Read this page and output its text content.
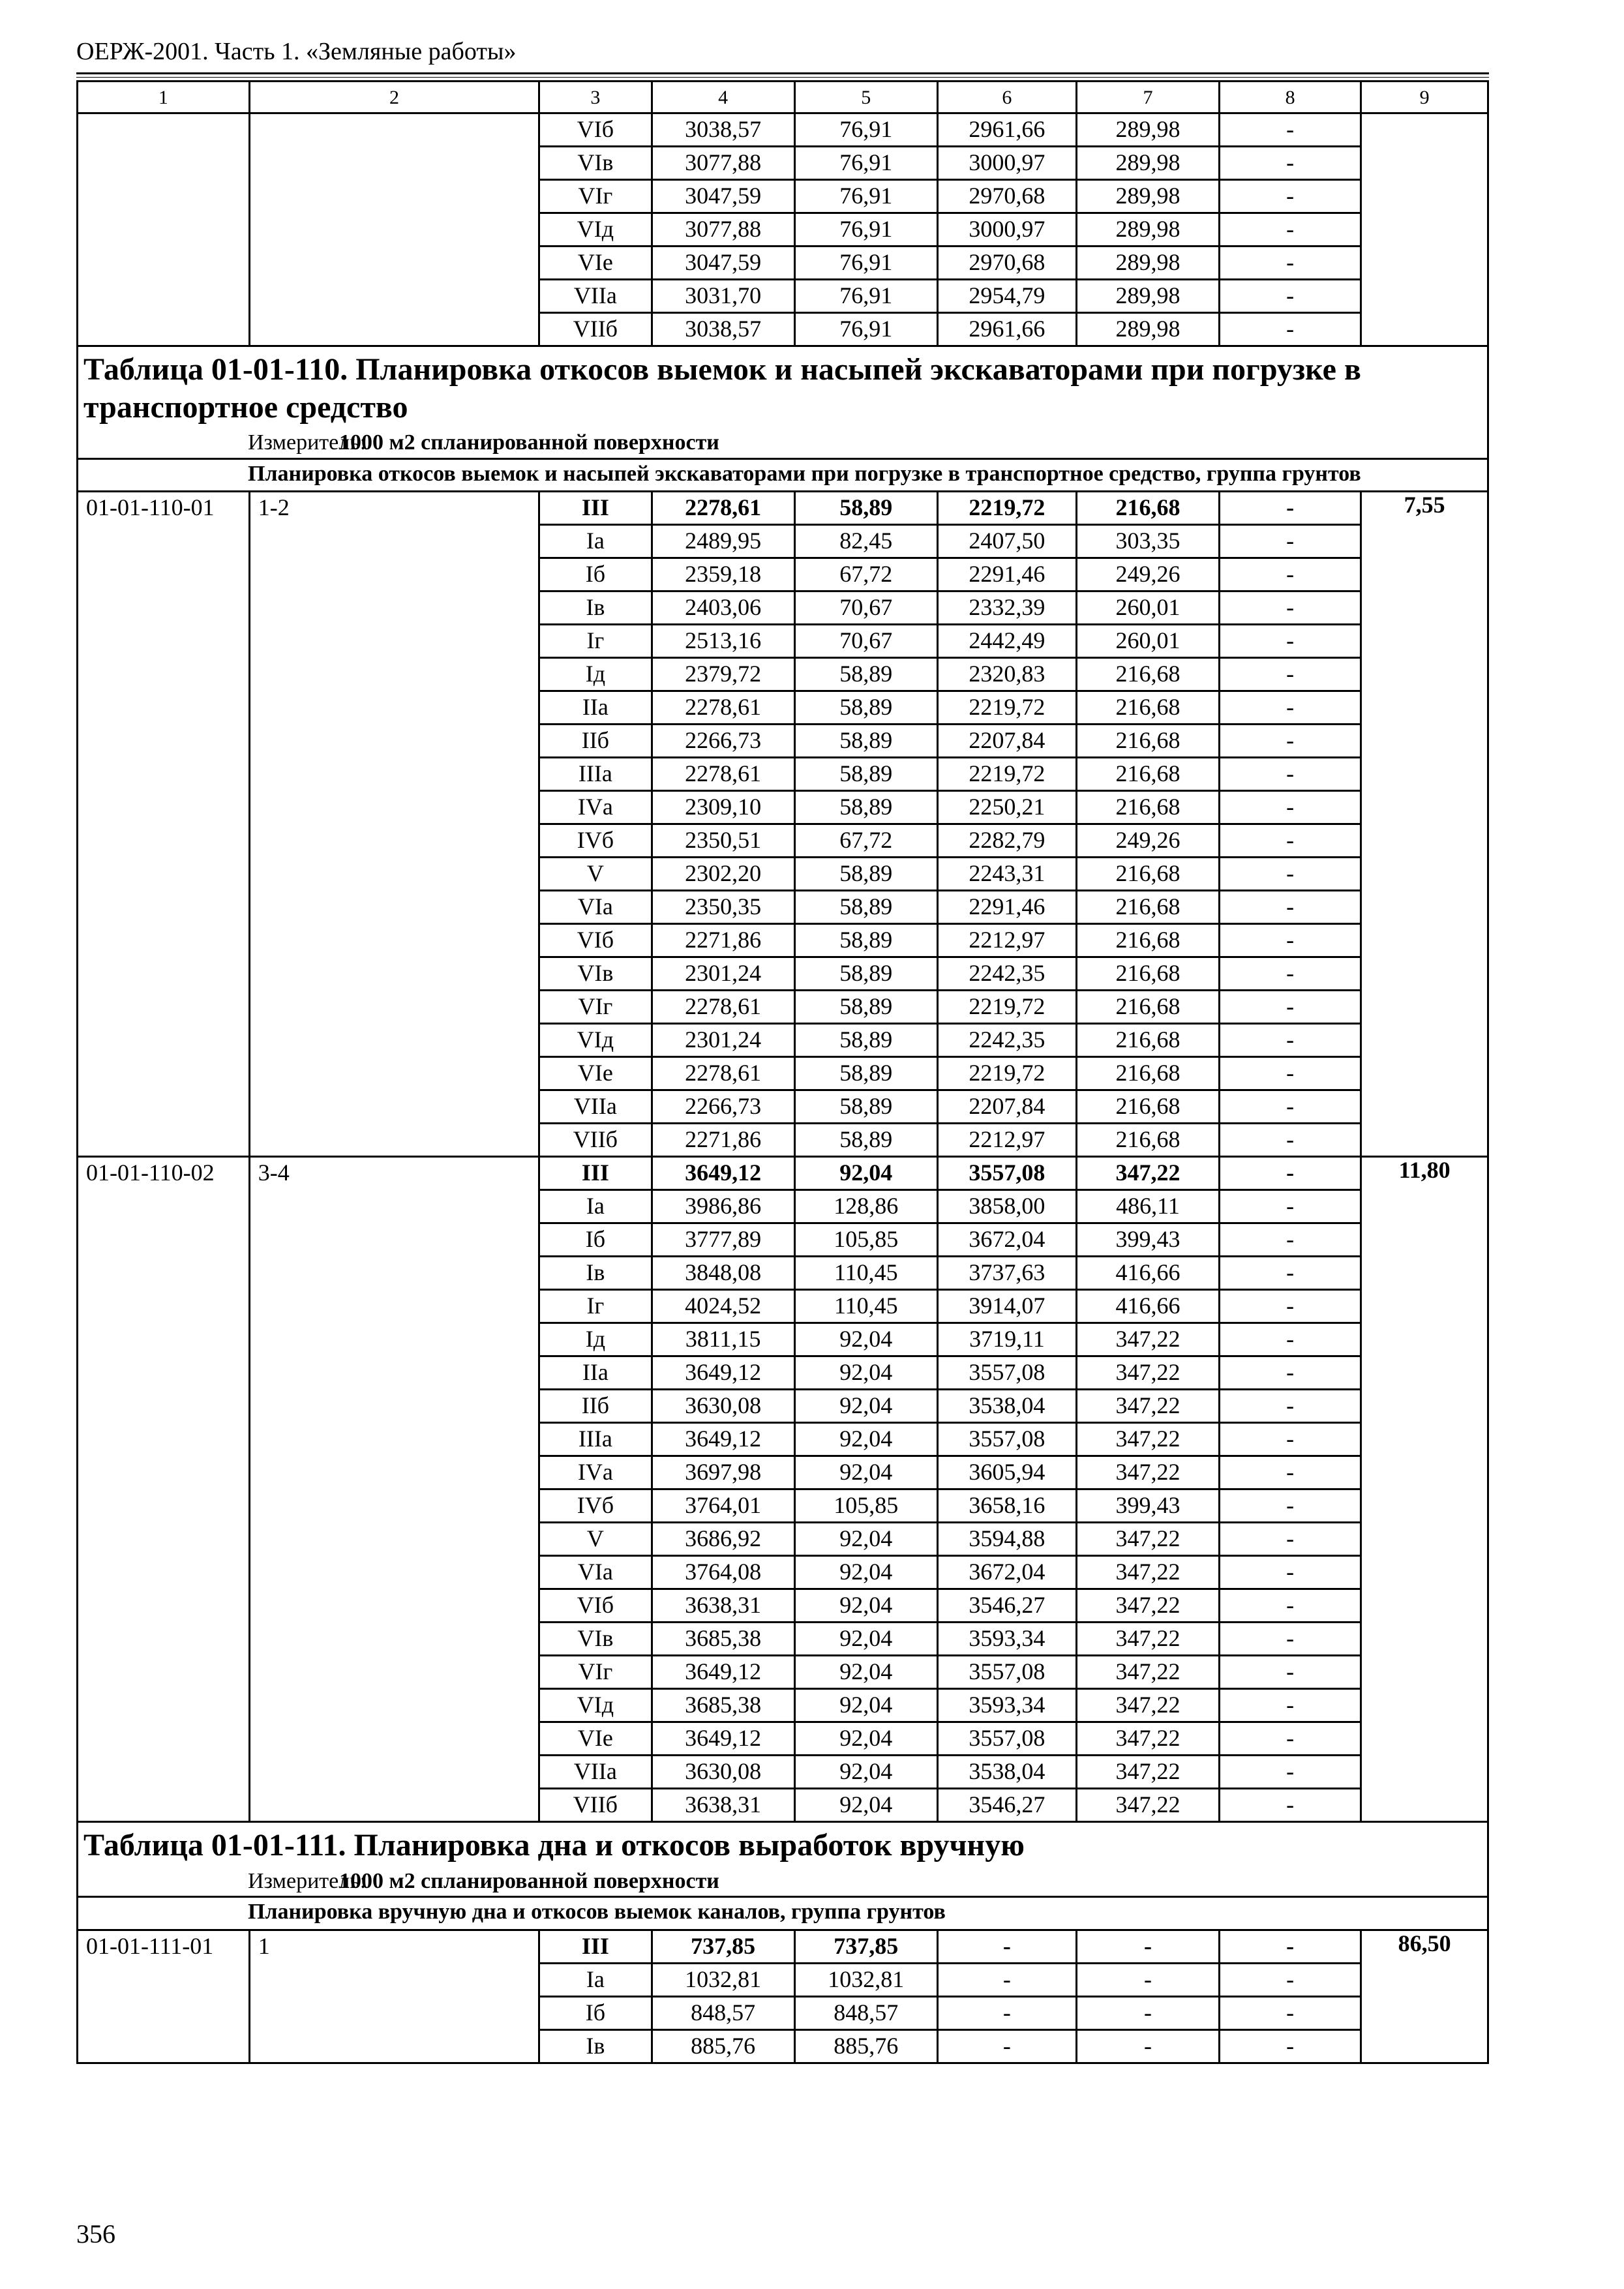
ОЕРЖ-2001. Часть 1. «Земляные работы»
1	2	3	4	5	6	7	8	9
		VIб	3038,57	76,91	2961,66	289,98	-	
		VIв	3077,88	76,91	3000,97	289,98	-	
		VIг	3047,59	76,91	2970,68	289,98	-	
		VIд	3077,88	76,91	3000,97	289,98	-	
		VIе	3047,59	76,91	2970,68	289,98	-	
		VIIа	3031,70	76,91	2954,79	289,98	-	
		VIIб	3038,57	76,91	2961,66	289,98	-	
Таблица 01-01-110. Планировка откосов выемок и насыпей экскаваторами при погрузке в транспортное средство
Измеритель:
1000 м2 спланированной поверхности								

Планировка откосов выемок и насыпей экскаваторами при погрузке в транспортное средство, группа грунтов								

01-01-110-01	1-2	III	2278,61	58,89	2219,72	216,68	-	7,55
		Iа	2489,95	82,45	2407,50	303,35	-	
		Iб	2359,18	67,72	2291,46	249,26	-	
		Iв	2403,06	70,67	2332,39	260,01	-	
		Iг	2513,16	70,67	2442,49	260,01	-	
		Iд	2379,72	58,89	2320,83	216,68	-	
		IIа	2278,61	58,89	2219,72	216,68	-	
		IIб	2266,73	58,89	2207,84	216,68	-	
		IIIа	2278,61	58,89	2219,72	216,68	-	
		IVа	2309,10	58,89	2250,21	216,68	-	
		IVб	2350,51	67,72	2282,79	249,26	-	
		V	2302,20	58,89	2243,31	216,68	-	
		VIа	2350,35	58,89	2291,46	216,68	-	
		VIб	2271,86	58,89	2212,97	216,68	-	
		VIв	2301,24	58,89	2242,35	216,68	-	
		VIг	2278,61	58,89	2219,72	216,68	-	
		VIд	2301,24	58,89	2242,35	216,68	-	
		VIе	2278,61	58,89	2219,72	216,68	-	
		VIIа	2266,73	58,89	2207,84	216,68	-	
		VIIб	2271,86	58,89	2212,97	216,68	-	
01-01-110-02	3-4	III	3649,12	92,04	3557,08	347,22	-	11,80
		Iа	3986,86	128,86	3858,00	486,11	-	
		Iб	3777,89	105,85	3672,04	399,43	-	
		Iв	3848,08	110,45	3737,63	416,66	-	
		Iг	4024,52	110,45	3914,07	416,66	-	
		Iд	3811,15	92,04	3719,11	347,22	-	
		IIа	3649,12	92,04	3557,08	347,22	-	
		IIб	3630,08	92,04	3538,04	347,22	-	
		IIIа	3649,12	92,04	3557,08	347,22	-	
		IVа	3697,98	92,04	3605,94	347,22	-	
		IVб	3764,01	105,85	3658,16	399,43	-	
		V	3686,92	92,04	3594,88	347,22	-	
		VIа	3764,08	92,04	3672,04	347,22	-	
		VIб	3638,31	92,04	3546,27	347,22	-	
		VIв	3685,38	92,04	3593,34	347,22	-	
		VIг	3649,12	92,04	3557,08	347,22	-	
		VIд	3685,38	92,04	3593,34	347,22	-	
		VIе	3649,12	92,04	3557,08	347,22	-	
		VIIа	3630,08	92,04	3538,04	347,22	-	
		VIIб	3638,31	92,04	3546,27	347,22	-	
Таблица 01-01-111. Планировка дна и откосов выработок вручную
Измеритель:
1000 м2 спланированной поверхности								

Планировка вручную дна и откосов выемок каналов, группа грунтов								

01-01-111-01	1	III	737,85	737,85	-	-	-	86,50
		Iа	1032,81	1032,81	-	-	-	
		Iб	848,57	848,57	-	-	-	
		Iв	885,76	885,76	-	-	-	
356
